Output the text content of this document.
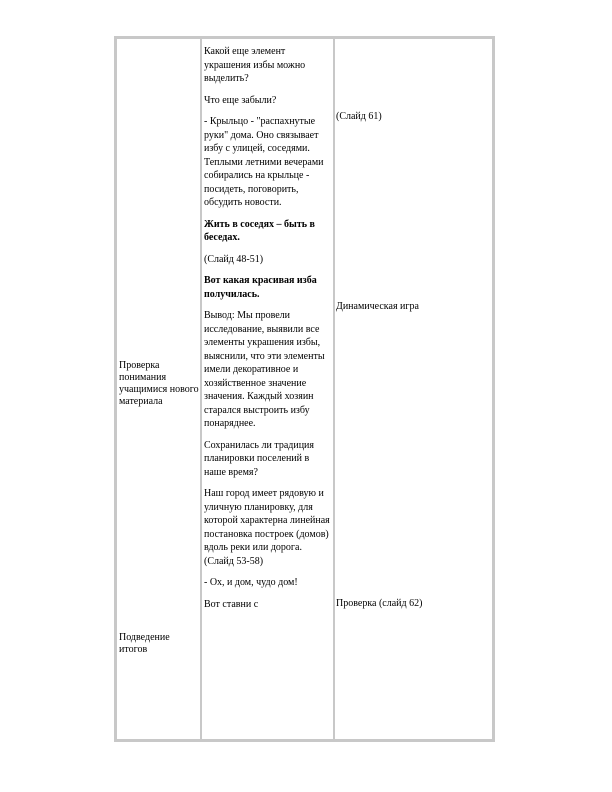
Проверка понимания учащимися нового материала
Подведение итогов

Какой еще элемент украшения избы можно выделить?

Что еще забыли?

- Крыльцо - "распахнутые руки" дома. Оно связывает избу с улицей, соседями. Теплыми летними вечерами собирались на крыльце - посидеть, поговорить, обсудить новости.

Жить в соседях – быть в беседах.

(Слайд 48-51)

Вот какая красивая изба получилась.

Вывод: Мы провели исследование, выявили все элементы украшения избы, выяснили, что эти элементы имели декоративное и хозяйственное значение значения. Каждый хозяин старался выстроить избу понаряднее.

Сохранилась ли традиция планировки поселений в наше время?

Наш город имеет рядовую и уличную планировку, для которой характерна линейная постановка построек (домов) вдоль реки или дорога. (Слайд 53-58)

- Ох, и дом, чудо дом!

Вот ставни с

(Слайд 61)
Динамическая игра
Проверка (слайд 62)
